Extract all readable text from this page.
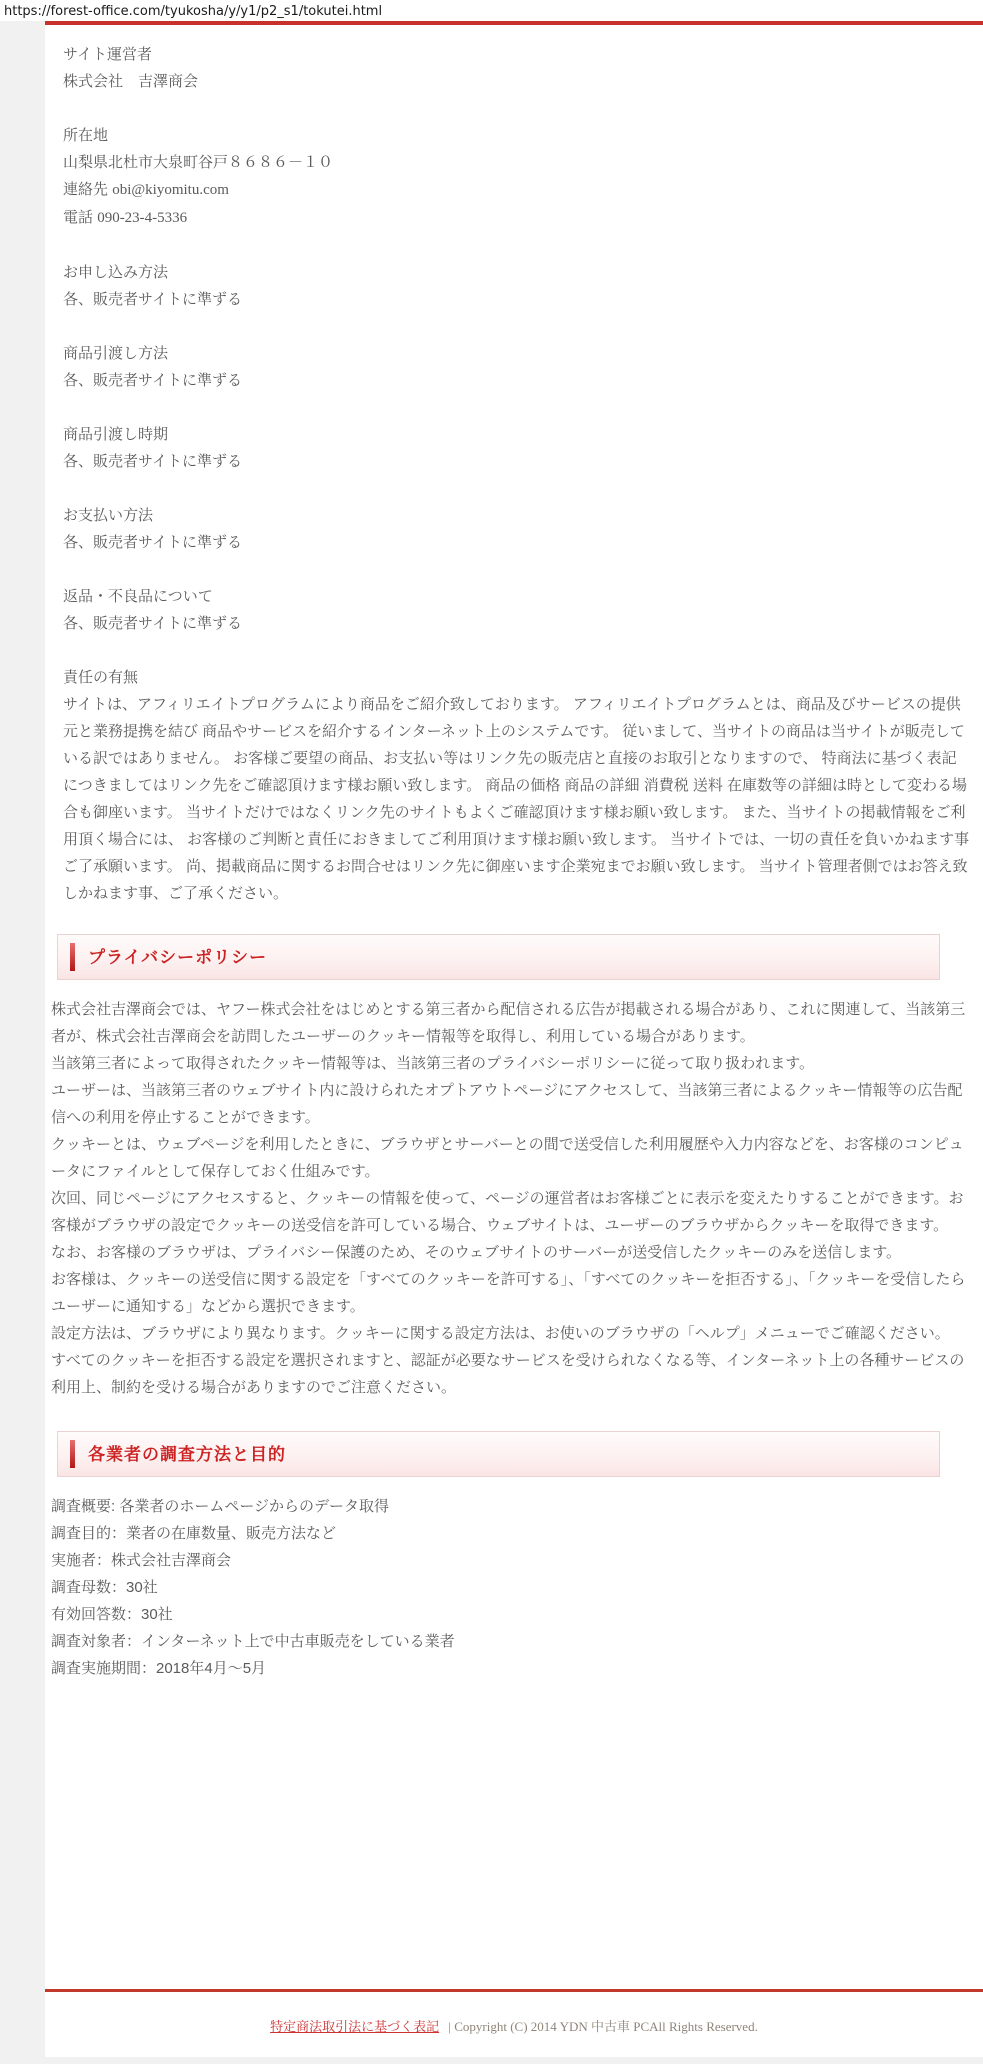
https://forest-office.com/tyukosha/y/y1/p2_s1/tokutei.html
サイト運営者
株式会社　吉澤商会
所在地
山梨県北杜市大泉町谷戸８６８６－１０
連絡先 obi@kiyomitu.com
電話 090-23-4-5336
お申し込み方法
各、販売者サイトに準ずる
商品引渡し方法
各、販売者サイトに準ずる
商品引渡し時期
各、販売者サイトに準ずる
お支払い方法
各、販売者サイトに準ずる
返品・不良品について
各、販売者サイトに準ずる
責任の有無
サイトは、アフィリエイトプログラムにより商品をご紹介致しております。 アフィリエイトプログラムとは、商品及びサービスの提供元と業務提携を結び 商品やサービスを紹介するインターネット上のシステムです。 従いまして、当サイトの商品は当サイトが販売している訳ではありません。 お客様ご要望の商品、お支払い等はリンク先の販売店と直接のお取引となりますので、 特商法に基づく表記につきましてはリンク先をご確認頂けます様お願い致します。 商品の価格 商品の詳細 消費税 送料 在庫数等の詳細は時として変わる場合も御座います。 当サイトだけではなくリンク先のサイトもよくご確認頂けます様お願い致します。 また、当サイトの掲載情報をご利用頂く場合には、 お客様のご判断と責任におきましてご利用頂けます様お願い致します。 当サイトでは、一切の責任を負いかねます事ご了承願います。 尚、掲載商品に関するお問合せはリンク先に御座います企業宛までお願い致します。 当サイト管理者側ではお答え致しかねます事、ご了承ください。
プライバシーポリシー

株式会社吉澤商会では、ヤフー株式会社をはじめとする第三者から配信される広告が掲載される場合があり、これに関連して、当該第三者が、株式会社吉澤商会を訪問したユーザーのクッキー情報等を取得し、利用している場合があります。

当該第三者によって取得されたクッキー情報等は、当該第三者のプライバシーポリシーに従って取り扱われます。

ユーザーは、当該第三者のウェブサイト内に設けられたオプトアウトページにアクセスして、当該第三者によるクッキー情報等の広告配信への利用を停止することができます。

クッキーとは、ウェブページを利用したときに、ブラウザとサーバーとの間で送受信した利用履歴や入力内容などを、お客様のコンピュータにファイルとして保存しておく仕組みです。

次回、同じページにアクセスすると、クッキーの情報を使って、ページの運営者はお客様ごとに表示を変えたりすることができます。お客様がブラウザの設定でクッキーの送受信を許可している場合、ウェブサイトは、ユーザーのブラウザからクッキーを取得できます。

なお、お客様のブラウザは、プライバシー保護のため、そのウェブサイトのサーバーが送受信したクッキーのみを送信します。

お客様は、クッキーの送受信に関する設定を「すべてのクッキーを許可する」、「すべてのクッキーを拒否する」、「クッキーを受信したらユーザーに通知する」などから選択できます。

設定方法は、ブラウザにより異なります。クッキーに関する設定方法は、お使いのブラウザの「ヘルプ」メニューでご確認ください。

すべてのクッキーを拒否する設定を選択されますと、認証が必要なサービスを受けられなくなる等、インターネット上の各種サービスの利用上、制約を受ける場合がありますのでご注意ください。

各業者の調査方法と目的
調査概要: 各業者のホームページからのデータ取得
調査目的：業者の在庫数量、販売方法など
実施者：株式会社吉澤商会
調査母数：30社
有効回答数：30社
調査対象者：インターネット上で中古車販売をしている業者
調査実施期間：2018年4月～5月
特定商法取引法に基づく表記 | Copyright (C) 2014 YDN 中古車 PCAll Rights Reserved.
